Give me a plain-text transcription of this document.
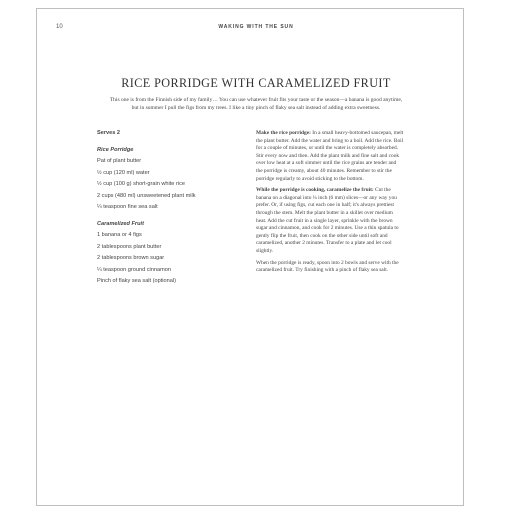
10	WAKING WITH THE SUN
RICE PORRIDGE WITH CARAMELIZED FRUIT
This one is from the Finnish side of my family… You can use whatever fruit fits your taste or the season—a banana is good anytime, but in summer I pull the figs from my trees. I like a tiny pinch of flaky sea salt instead of adding extra sweetness.
Serves 2
Rice Porridge
Pat of plant butter
½ cup (120 ml) water
½ cup (100 g) short-grain white rice
2 cups (480 ml) unsweetened plant milk
¼ teaspoon fine sea salt
Caramelized Fruit
1 banana or 4 figs
2 tablespoons plant butter
2 tablespoons brown sugar
¼ teaspoon ground cinnamon
Pinch of flaky sea salt (optional)

Make the rice porridge: In a small heavy-bottomed saucepan, melt the plant butter. Add the water and bring to a boil. Add the rice. Boil for a couple of minutes, or until the water is completely absorbed. Stir every now and then. Add the plant milk and fine salt and cook over low heat at a soft simmer until the rice grains are tender and the porridge is creamy, about 40 minutes. Remember to stir the porridge regularly to avoid sticking to the bottom.

While the porridge is cooking, caramelize the fruit: Cut the banana on a diagonal into ¼ inch (6 mm) slices—or any way you prefer. Or, if using figs, cut each one in half; it's always prettiest through the stem. Melt the plant butter in a skillet over medium heat. Add the cut fruit in a single layer, sprinkle with the brown sugar and cinnamon, and cook for 2 minutes. Use a thin spatula to gently flip the fruit, then cook on the other side until soft and caramelized, another 2 minutes. Transfer to a plate and let cool slightly.

When the porridge is ready, spoon into 2 bowls and serve with the caramelized fruit. Try finishing with a pinch of flaky sea salt.
